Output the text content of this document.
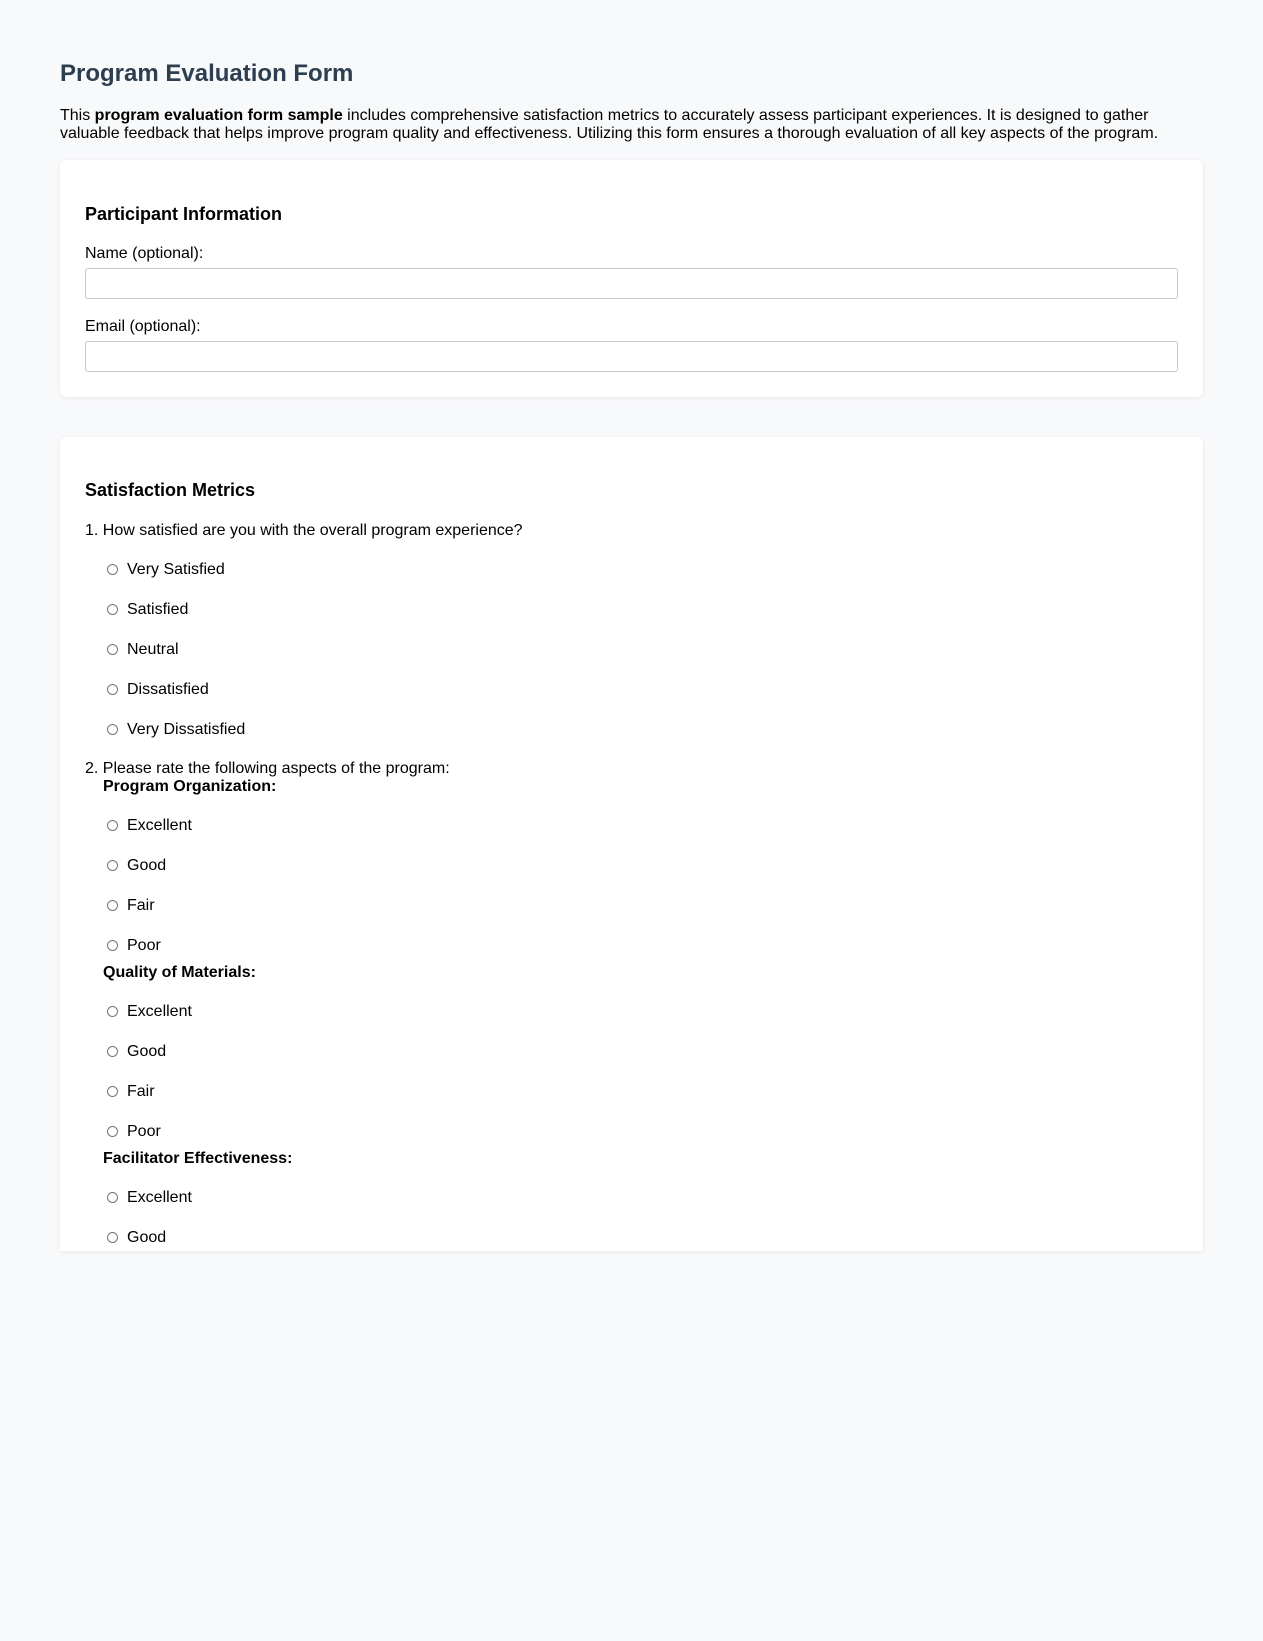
Program Evaluation Form

This program evaluation form sample includes comprehensive satisfaction metrics to accurately assess participant experiences. It is designed to gather valuable feedback that helps improve program quality and effectiveness. Utilizing this form ensures a thorough evaluation of all key aspects of the program.

Participant Information
Name (optional):
Email (optional):
Satisfaction Metrics
1. How satisfied are you with the overall program experience?
Very Satisfied
Satisfied
Neutral
Dissatisfied
Very Dissatisfied
2. Please rate the following aspects of the program:
Program Organization:
Excellent
Good
Fair
Poor
Quality of Materials:
Excellent
Good
Fair
Poor
Facilitator Effectiveness:
Excellent
Good
